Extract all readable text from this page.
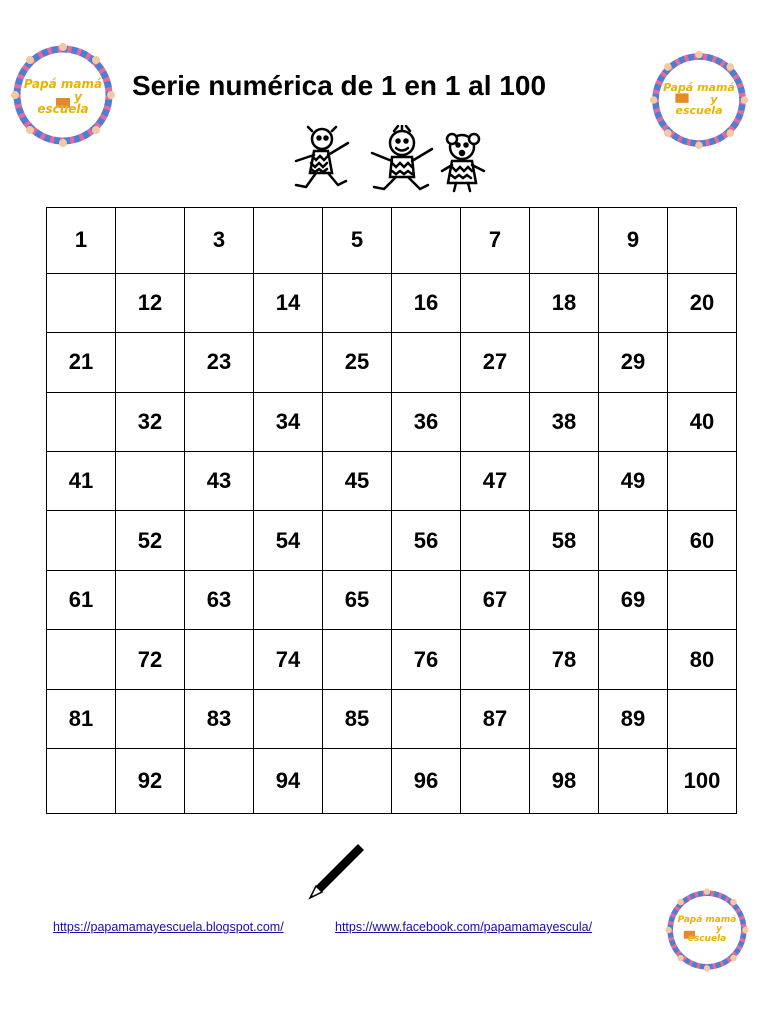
Papá mamá
y
escuela
Serie numérica de 1 en 1 al 100	Papá mamá
y
escuela
1		3		5		7		9	
	12		14		16		18		20
21		23		25		27		29	
	32		34		36		38		40
41		43		45		47		49	
	52		54		56		58		60
61		63		65		67		69	
	72		74		76		78		80
81		83		85		87		89	
	92		94		96		98		100
https://papamamayescuela.blogspot.com/	https://www.facebook.com/papamamayescula/	Papá mamá
y
escuela
